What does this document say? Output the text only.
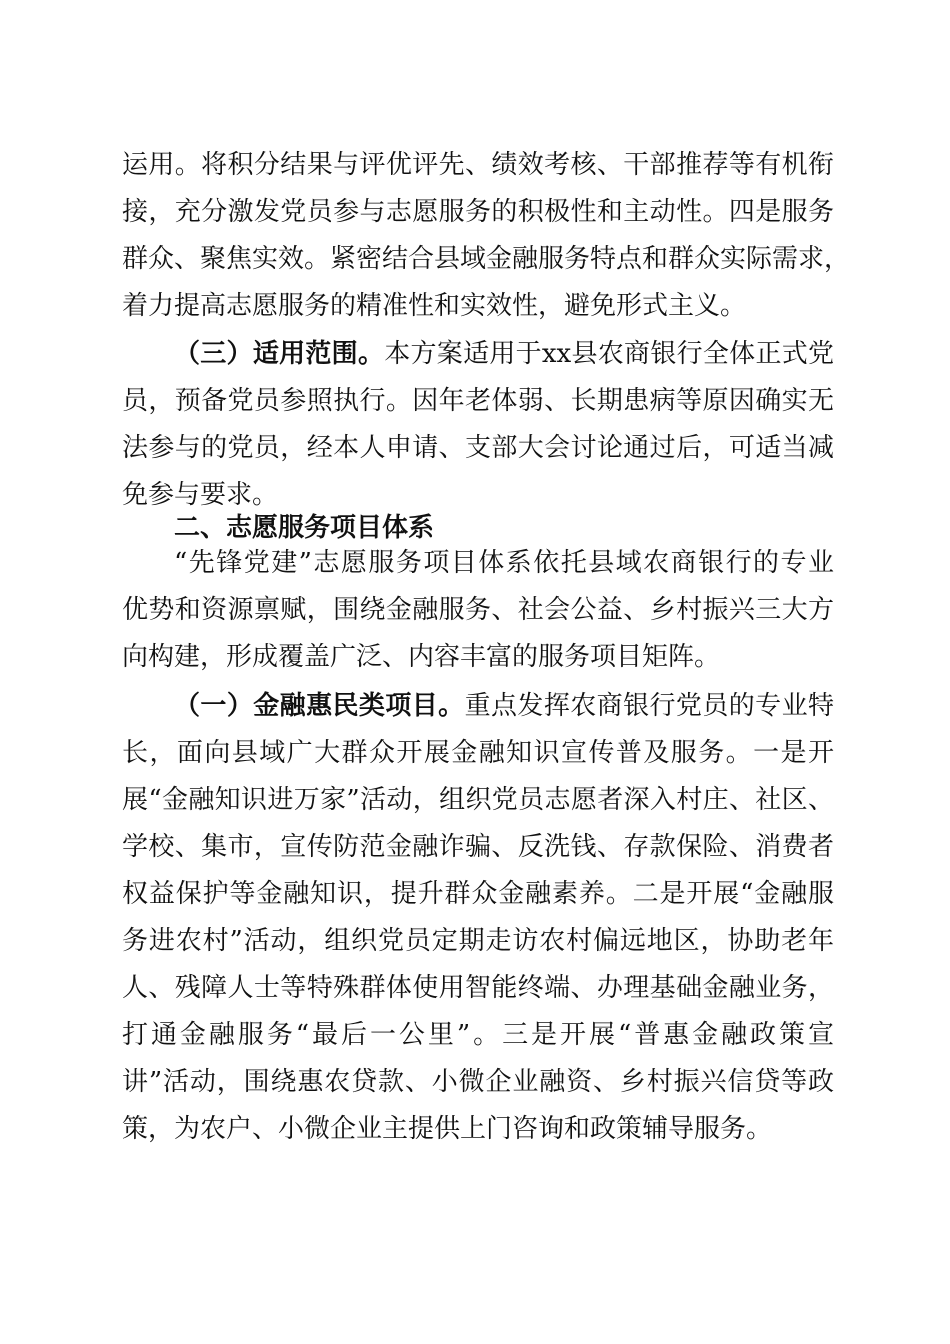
运用。将积分结果与评优评先、绩效考核、干部推荐等有机衔
接，充分激发党员参与志愿服务的积极性和主动性。四是服务
群众、聚焦实效。紧密结合县域金融服务特点和群众实际需求，
着力提高志愿服务的精准性和实效性，避免形式主义。

（三）适用范围。本方案适用于xx县农商银行全体正式党
员，预备党员参照执行。因年老体弱、长期患病等原因确实无
法参与的党员，经本人申请、支部大会讨论通过后，可适当减
免参与要求。

二、志愿服务项目体系

“先锋党建”志愿服务项目体系依托县域农商银行的专业
优势和资源禀赋，围绕金融服务、社会公益、乡村振兴三大方
向构建，形成覆盖广泛、内容丰富的服务项目矩阵。

（一）金融惠民类项目。重点发挥农商银行党员的专业特
长，面向县域广大群众开展金融知识宣传普及服务。一是开
展“金融知识进万家”活动，组织党员志愿者深入村庄、社区、
学校、集市，宣传防范金融诈骗、反洗钱、存款保险、消费者
权益保护等金融知识，提升群众金融素养。二是开展“金融服
务进农村”活动，组织党员定期走访农村偏远地区，协助老年
人、残障人士等特殊群体使用智能终端、办理基础金融业务，
打通金融服务“最后一公里”。三是开展“普惠金融政策宣
讲”活动，围绕惠农贷款、小微企业融资、乡村振兴信贷等政
策，为农户、小微企业主提供上门咨询和政策辅导服务。
